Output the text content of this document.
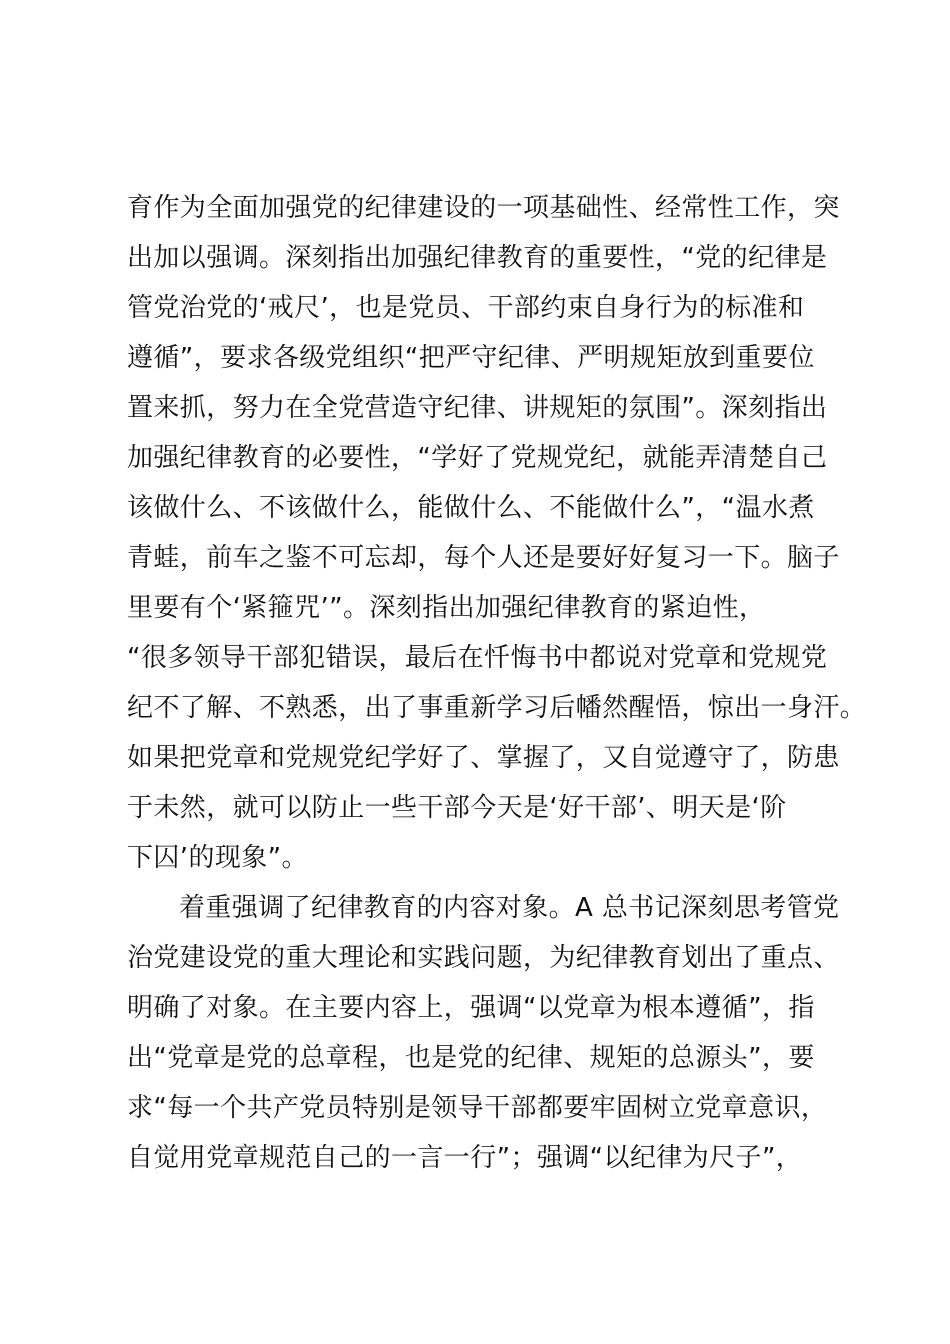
育作为全面加强党的纪律建设的一项基础性、经常性工作，突
出加以强调。深刻指出加强纪律教育的重要性，“党的纪律是
管党治党的‘戒尺’，也是党员、干部约束自身行为的标准和
遵循”，要求各级党组织“把严守纪律、严明规矩放到重要位
置来抓，努力在全党营造守纪律、讲规矩的氛围”。深刻指出
加强纪律教育的必要性，“学好了党规党纪，就能弄清楚自己
该做什么、不该做什么，能做什么、不能做什么”，“温水煮
青蛙，前车之鉴不可忘却，每个人还是要好好复习一下。脑子
里要有个‘紧箍咒’”。深刻指出加强纪律教育的紧迫性，
“很多领导干部犯错误，最后在忏悔书中都说对党章和党规党
纪不了解、不熟悉，出了事重新学习后幡然醒悟，惊出一身汗。
如果把党章和党规党纪学好了、掌握了，又自觉遵守了，防患
于未然，就可以防止一些干部今天是‘好干部’、明天是‘阶
下囚’的现象”。
着重强调了纪律教育的内容对象。A 总书记深刻思考管党
治党建设党的重大理论和实践问题，为纪律教育划出了重点、
明确了对象。在主要内容上，强调“以党章为根本遵循”，指
出“党章是党的总章程，也是党的纪律、规矩的总源头”，要
求“每一个共产党员特别是领导干部都要牢固树立党章意识，
自觉用党章规范自己的一言一行”；强调“以纪律为尺子”，
